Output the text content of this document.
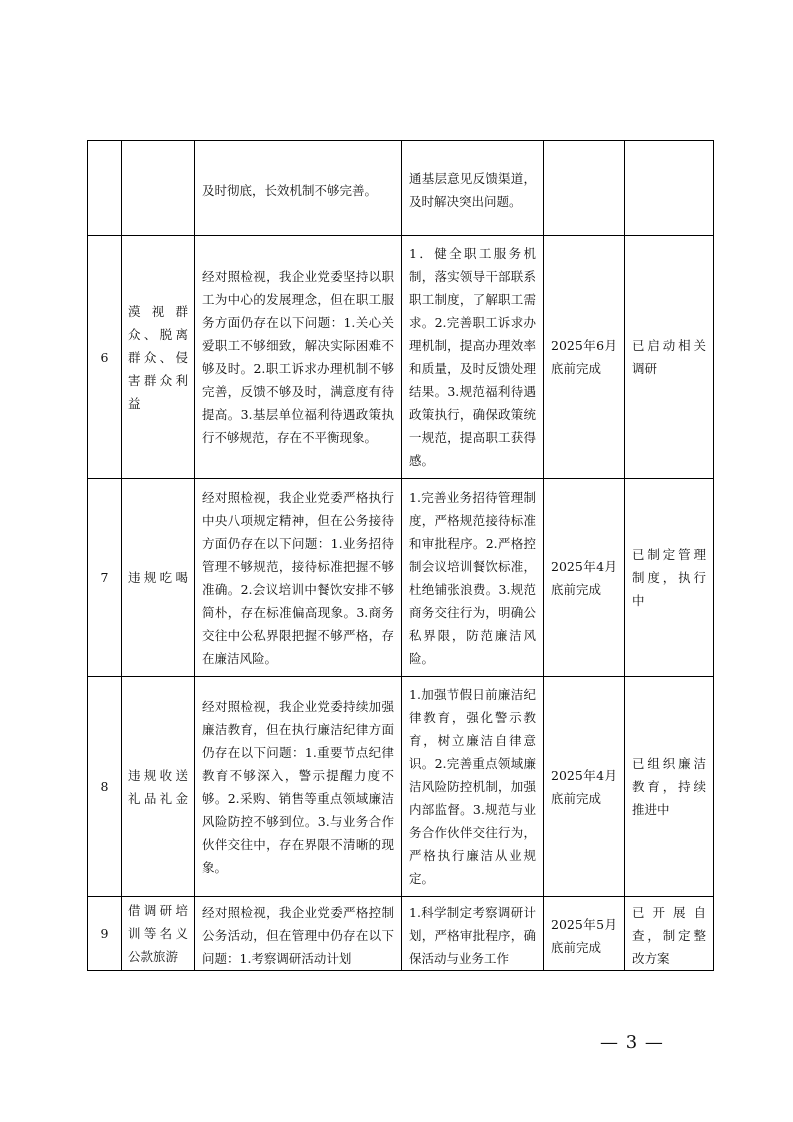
		及时彻底，长效机制不够完善。	通基层意见反馈渠道，及时解决突出问题。		

6	漠视群众、脱离群众、侵害群众利益	经对照检视，我企业党委坚持以职工为中心的发展理念，但在职工服务方面仍存在以下问题：1.关心关爱职工不够细致，解决实际困难不够及时。2.职工诉求办理机制不够完善，反馈不够及时，满意度有待提高。3.基层单位福利待遇政策执行不够规范，存在不平衡现象。	1．健全职工服务机制，落实领导干部联系职工制度，了解职工需求。2.完善职工诉求办理机制，提高办理效率和质量，及时反馈处理结果。3.规范福利待遇政策执行，确保政策统一规范，提高职工获得感。	2025年6月底前完成	已启动相关调研
7	违规吃喝	经对照检视，我企业党委严格执行中央八项规定精神，但在公务接待方面仍存在以下问题：1.业务招待管理不够规范，接待标准把握不够准确。2.会议培训中餐饮安排不够简朴，存在标准偏高现象。3.商务交往中公私界限把握不够严格，存在廉洁风险。	1.完善业务招待管理制度，严格规范接待标准和审批程序。2.严格控制会议培训餐饮标准，杜绝铺张浪费。3.规范商务交往行为，明确公私界限，防范廉洁风险。	2025年4月底前完成	已制定管理制度，执行中
8	违规收送礼品礼金	经对照检视，我企业党委持续加强廉洁教育，但在执行廉洁纪律方面仍存在以下问题：1.重要节点纪律教育不够深入，警示提醒力度不够。2.采购、销售等重点领域廉洁风险防控不够到位。3.与业务合作伙伴交往中，存在界限不清晰的现象。	1.加强节假日前廉洁纪律教育，强化警示教育，树立廉洁自律意识。2.完善重点领域廉洁风险防控机制，加强内部监督。3.规范与业务合作伙伴交往行为，严格执行廉洁从业规定。	2025年4月底前完成	已组织廉洁教育，持续推进中
9	借调研培训等名义公款旅游	经对照检视，我企业党委严格控制公务活动，但在管理中仍存在以下问题：1.考察调研活动计划	1.科学制定考察调研计划，严格审批程序，确保活动与业务工作	2025年5月底前完成	已开展自查，制定整改方案
— 3 —
